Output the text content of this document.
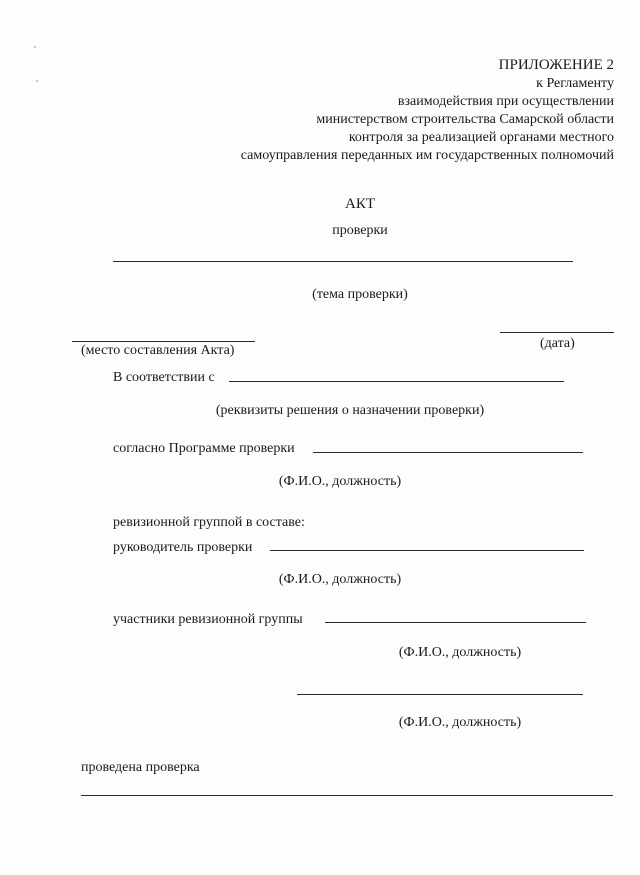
ПРИЛОЖЕНИЕ 2
к Регламенту
взаимодействия при осуществлении
министерством строительства Самарской области
контроля за реализацией органами местного
самоуправления переданных им государственных полномочий
АКТ
проверки
(тема проверки)
(место составления Акта)	(дата)
В соответствии с
(реквизиты решения о назначении проверки)
согласно Программе проверки
(Ф.И.О., должность)
ревизионной группой в составе:
руководитель проверки
(Ф.И.О., должность)
участники ревизионной группы
(Ф.И.О., должность)
(Ф.И.О., должность)
проведена проверка
